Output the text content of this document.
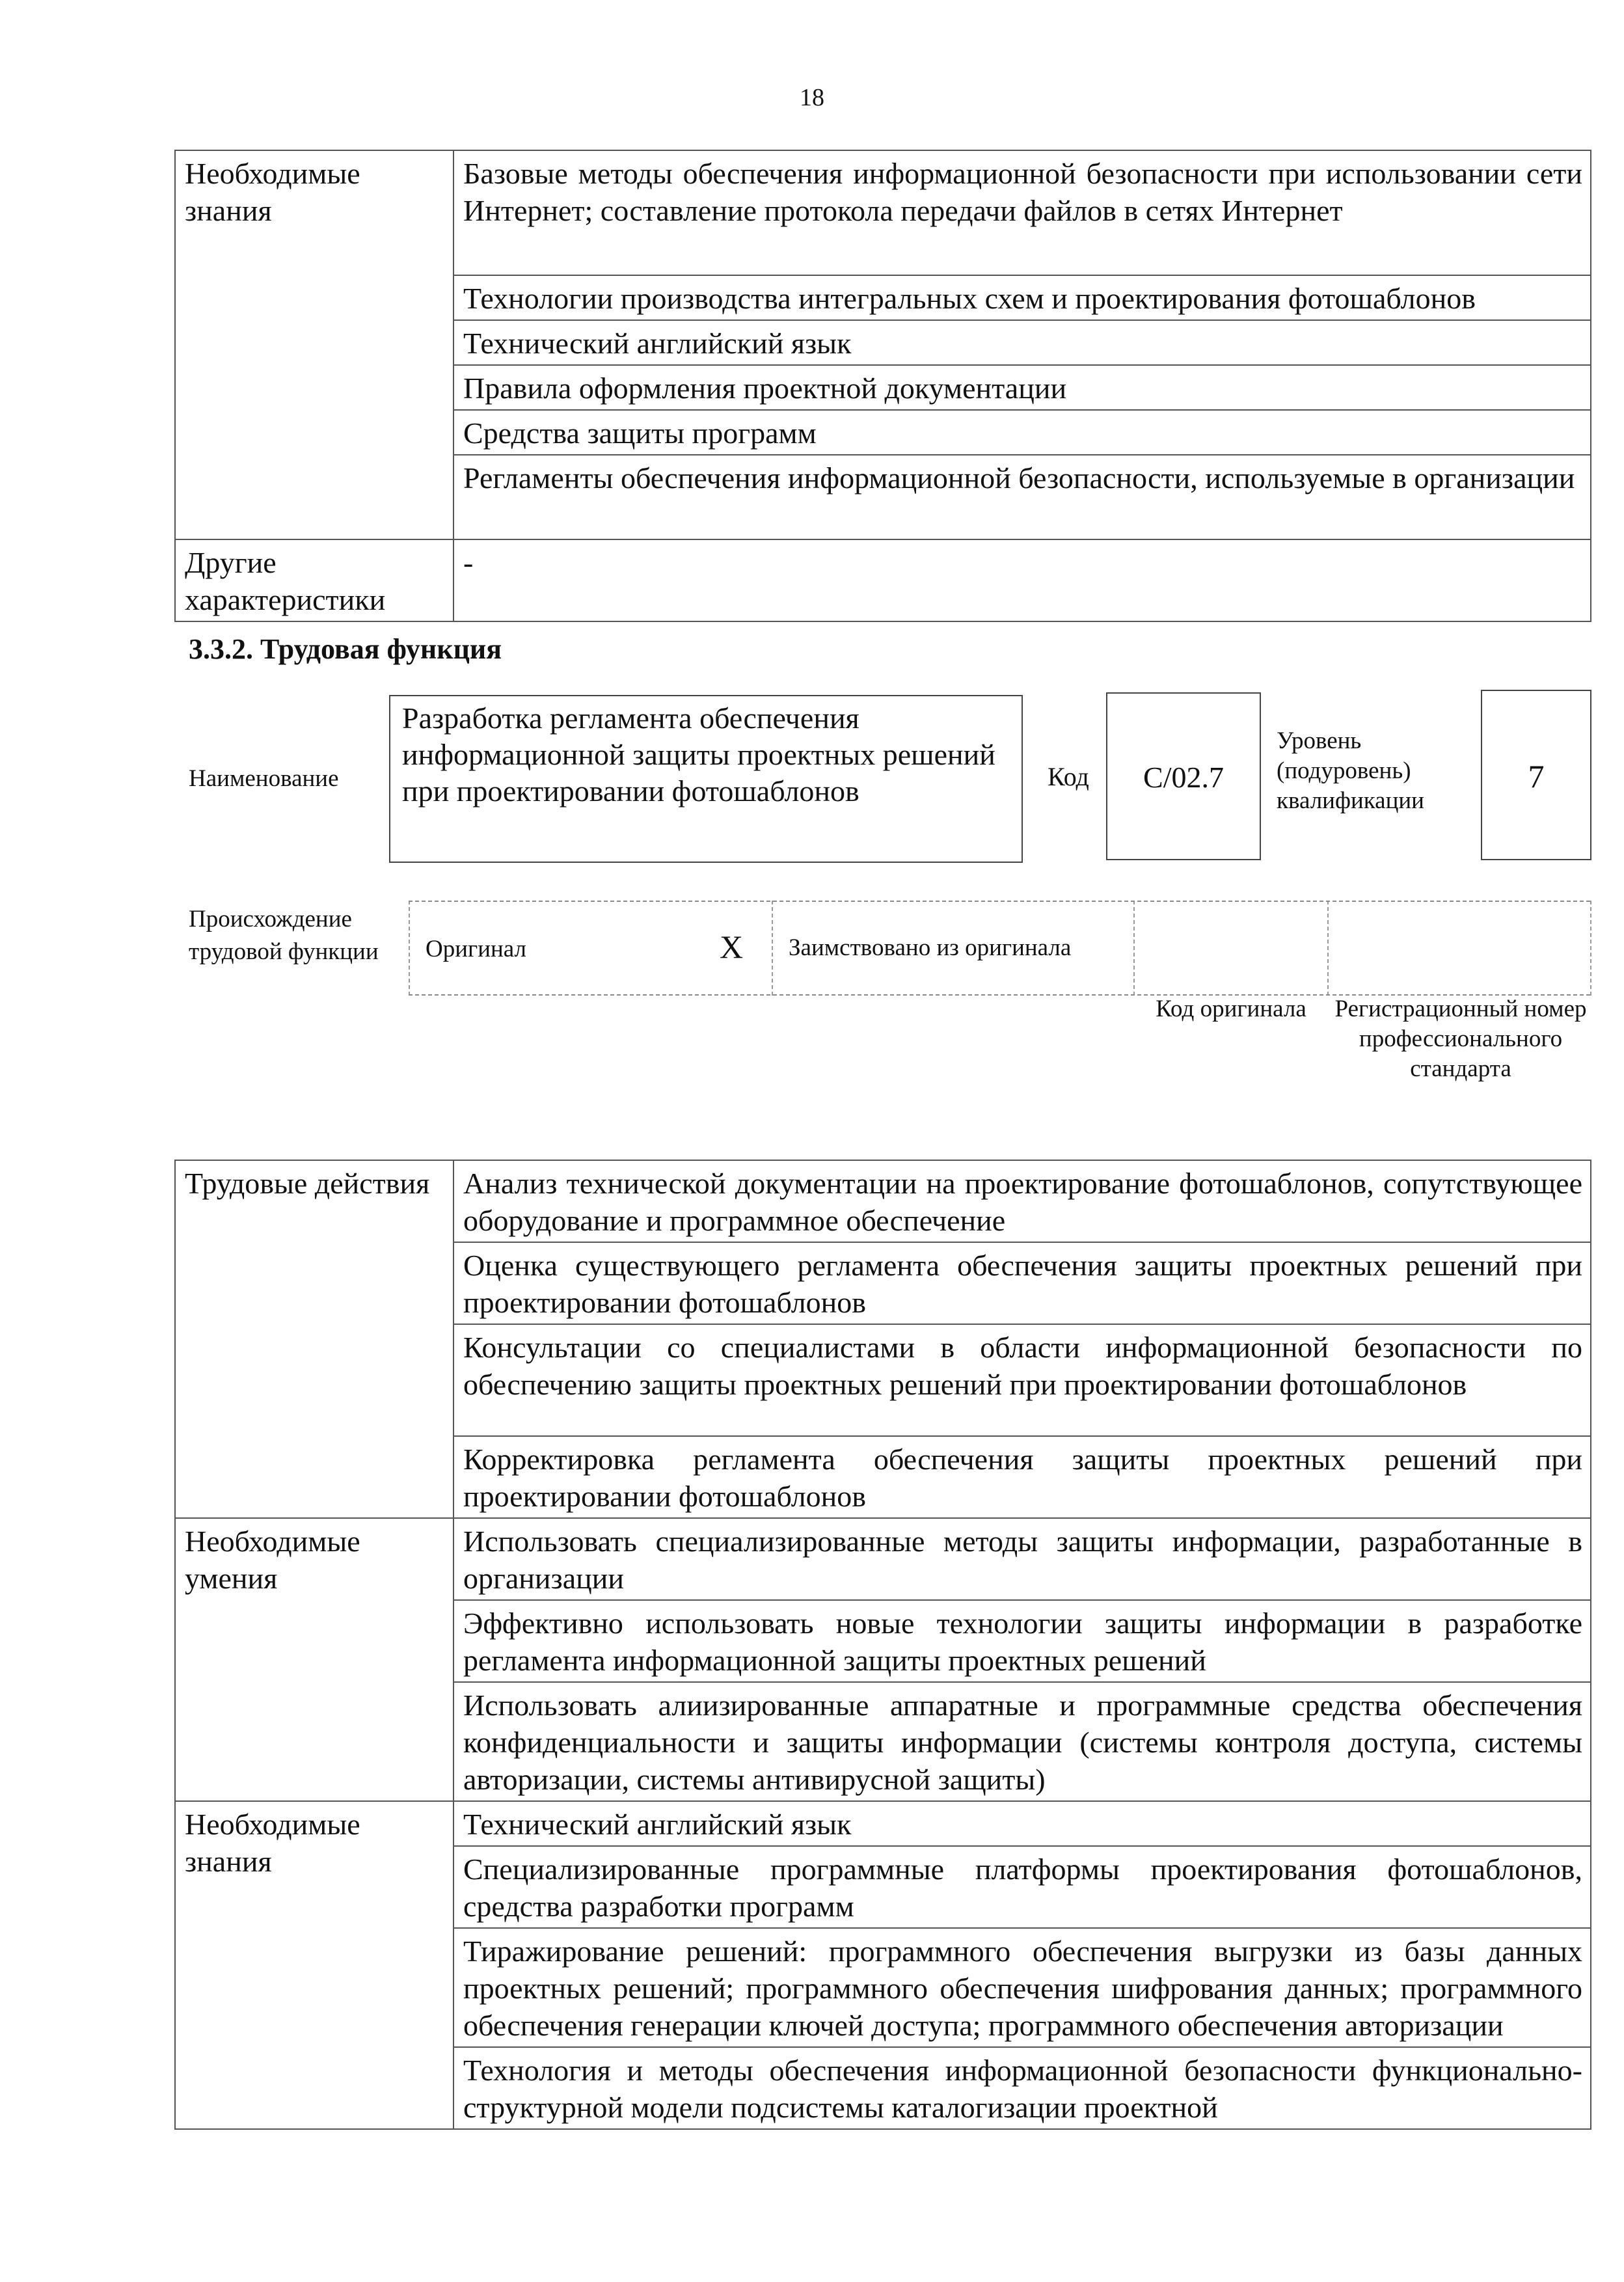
18
Необходимые знания	Базовые методы обеспечения информационной безопасности при использовании сети Интернет; составление протокола передачи файлов в сетях Интернет
	Технологии производства интегральных схем и проектирования фотошаблонов
	Технический английский язык
	Правила оформления проектной документации
	Средства защиты программ
	Регламенты обеспечения информационной безопасности, используемые в организации
Другие характеристики	-
3.3.2. Трудовая функция
Наименование
Разработка регламента обеспечения информационной защиты проектных решений при проектировании фотошаблонов	Код	С/02.7
Уровень (подуровень) квалификации
7
Происхождение трудовой функции Оригинал	Х Заимствовано из оригинала
Код оригинала Регистрационный номер профессионального стандарта
Трудовые действия	Анализ технической документации на проектирование фотошаблонов, сопутствующее оборудование и программное обеспечение
	Оценка существующего регламента обеспечения защиты проектных решений при проектировании фотошаблонов
	Консультации со специалистами в области информационной безопасности по обеспечению защиты проектных решений при проектировании фотошаблонов
	Корректировка регламента обеспечения защиты проектных решений при проектировании фотошаблонов
Необходимые умения	Использовать специализированные методы защиты информации, разработанные в организации
	Эффективно использовать новые технологии защиты информации в разработке регламента информационной защиты проектных решений
	Использовать алиизированные аппаратные и программные средства обеспечения конфиденциальности и защиты информации (системы контроля доступа, системы авторизации, системы антивирусной защиты)
Необходимые знания	Технический английский язык
	Специализированные программные платформы проектирования фотошаблонов, средства разработки программ
	Тиражирование решений: программного обеспечения выгрузки из базы данных проектных решений; программного обеспечения шифрования данных; программного обеспечения генерации ключей доступа; программного обеспечения авторизации
	Технология и методы обеспечения информационной безопасности функционально-структурной модели подсистемы каталогизации проектной
